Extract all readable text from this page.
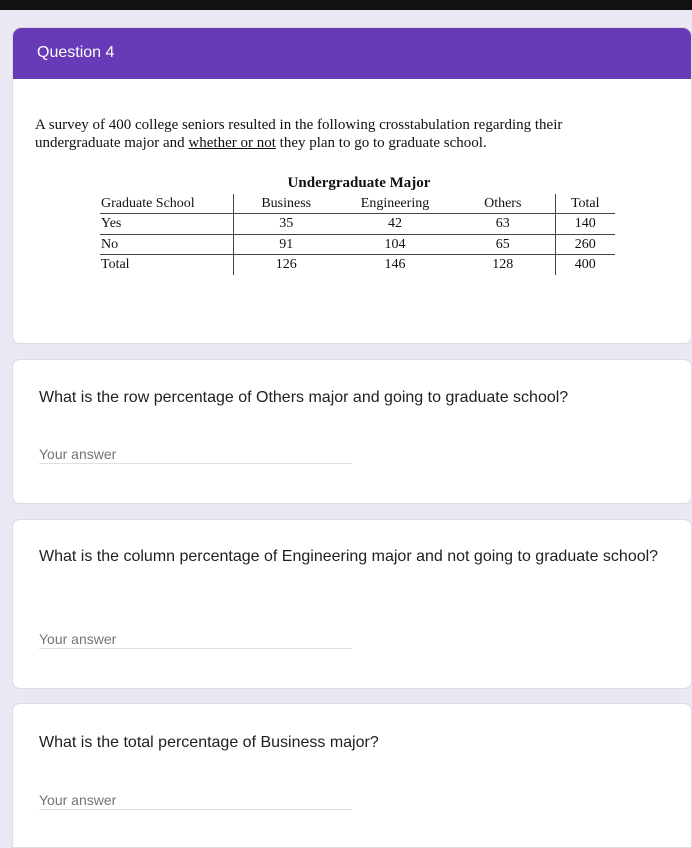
Question 4
A survey of 400 college seniors resulted in the following crosstabulation regarding their undergraduate major and whether or not they plan to go to graduate school.
	Undergraduate Major			
Graduate School	Business	Engineering	Others	Total
Yes	35	42	63	140
No	91	104	65	260
Total	126	146	128	400
What is the row percentage of Others major and going to graduate school?
Your answer
What is the column percentage of Engineering major and not going to graduate school?
Your answer
What is the total percentage of Business major?
Your answer
